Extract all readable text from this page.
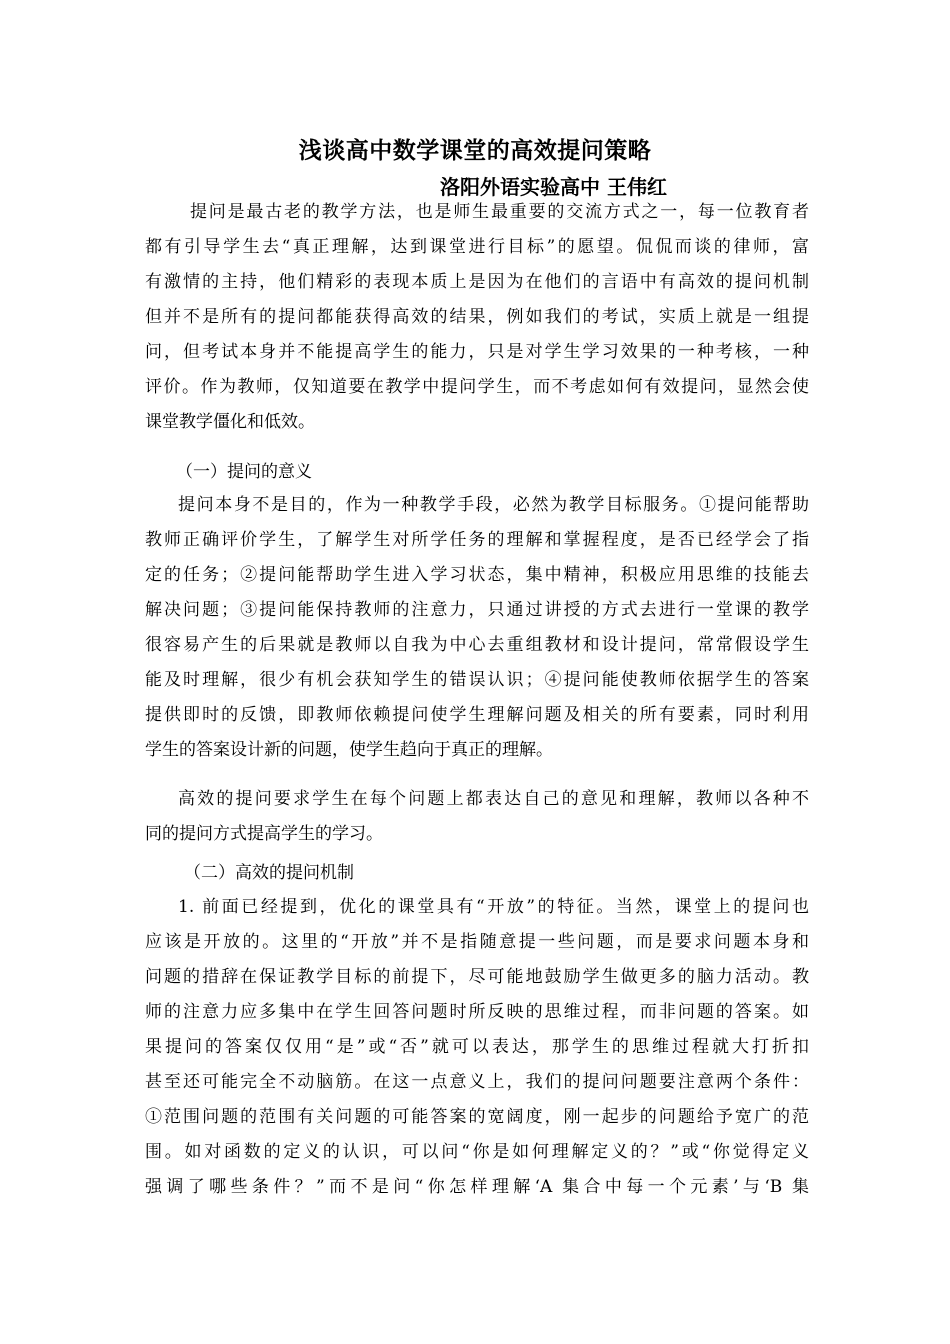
浅谈高中数学课堂的高效提问策略
洛阳外语实验高中 王伟红
提问是最古老的教学方法，也是师生最重要的交流方式之一，每一位教育者
都有引导学生去“真正理解，达到课堂进行目标”的愿望。侃侃而谈的律师，富
有激情的主持，他们精彩的表现本质上是因为在他们的言语中有高效的提问机制
但并不是所有的提问都能获得高效的结果，例如我们的考试，实质上就是一组提
问，但考试本身并不能提高学生的能力，只是对学生学习效果的一种考核，一种
评价。作为教师，仅知道要在教学中提问学生，而不考虑如何有效提问，显然会使
课堂教学僵化和低效。
（一）提问的意义
提问本身不是目的，作为一种教学手段，必然为教学目标服务。①提问能帮助
教师正确评价学生，了解学生对所学任务的理解和掌握程度，是否已经学会了指
定的任务；②提问能帮助学生进入学习状态，集中精神，积极应用思维的技能去
解决问题；③提问能保持教师的注意力，只通过讲授的方式去进行一堂课的教学
很容易产生的后果就是教师以自我为中心去重组教材和设计提问，常常假设学生
能及时理解，很少有机会获知学生的错误认识；④提问能使教师依据学生的答案
提供即时的反馈，即教师依赖提问使学生理解问题及相关的所有要素，同时利用
学生的答案设计新的问题，使学生趋向于真正的理解。
高效的提问要求学生在每个问题上都表达自己的意见和理解，教师以各种不
同的提问方式提高学生的学习。
（二）高效的提问机制
1. 前面已经提到，优化的课堂具有“开放”的特征。当然，课堂上的提问也
应该是开放的。这里的“开放”并不是指随意提一些问题，而是要求问题本身和
问题的措辞在保证教学目标的前提下，尽可能地鼓励学生做更多的脑力活动。教
师的注意力应多集中在学生回答问题时所反映的思维过程，而非问题的答案。如
果提问的答案仅仅用“是”或“否”就可以表达，那学生的思维过程就大打折扣
甚至还可能完全不动脑筋。在这一点意义上，我们的提问问题要注意两个条件：
①范围问题的范围有关问题的可能答案的宽阔度，刚一起步的问题给予宽广的范
围。如对函数的定义的认识，可以问“你是如何理解定义的？”或“你觉得定义
强调了哪些条件？”而不是问“你怎样理解‘A 集合中每一个元素’与‘B 集
